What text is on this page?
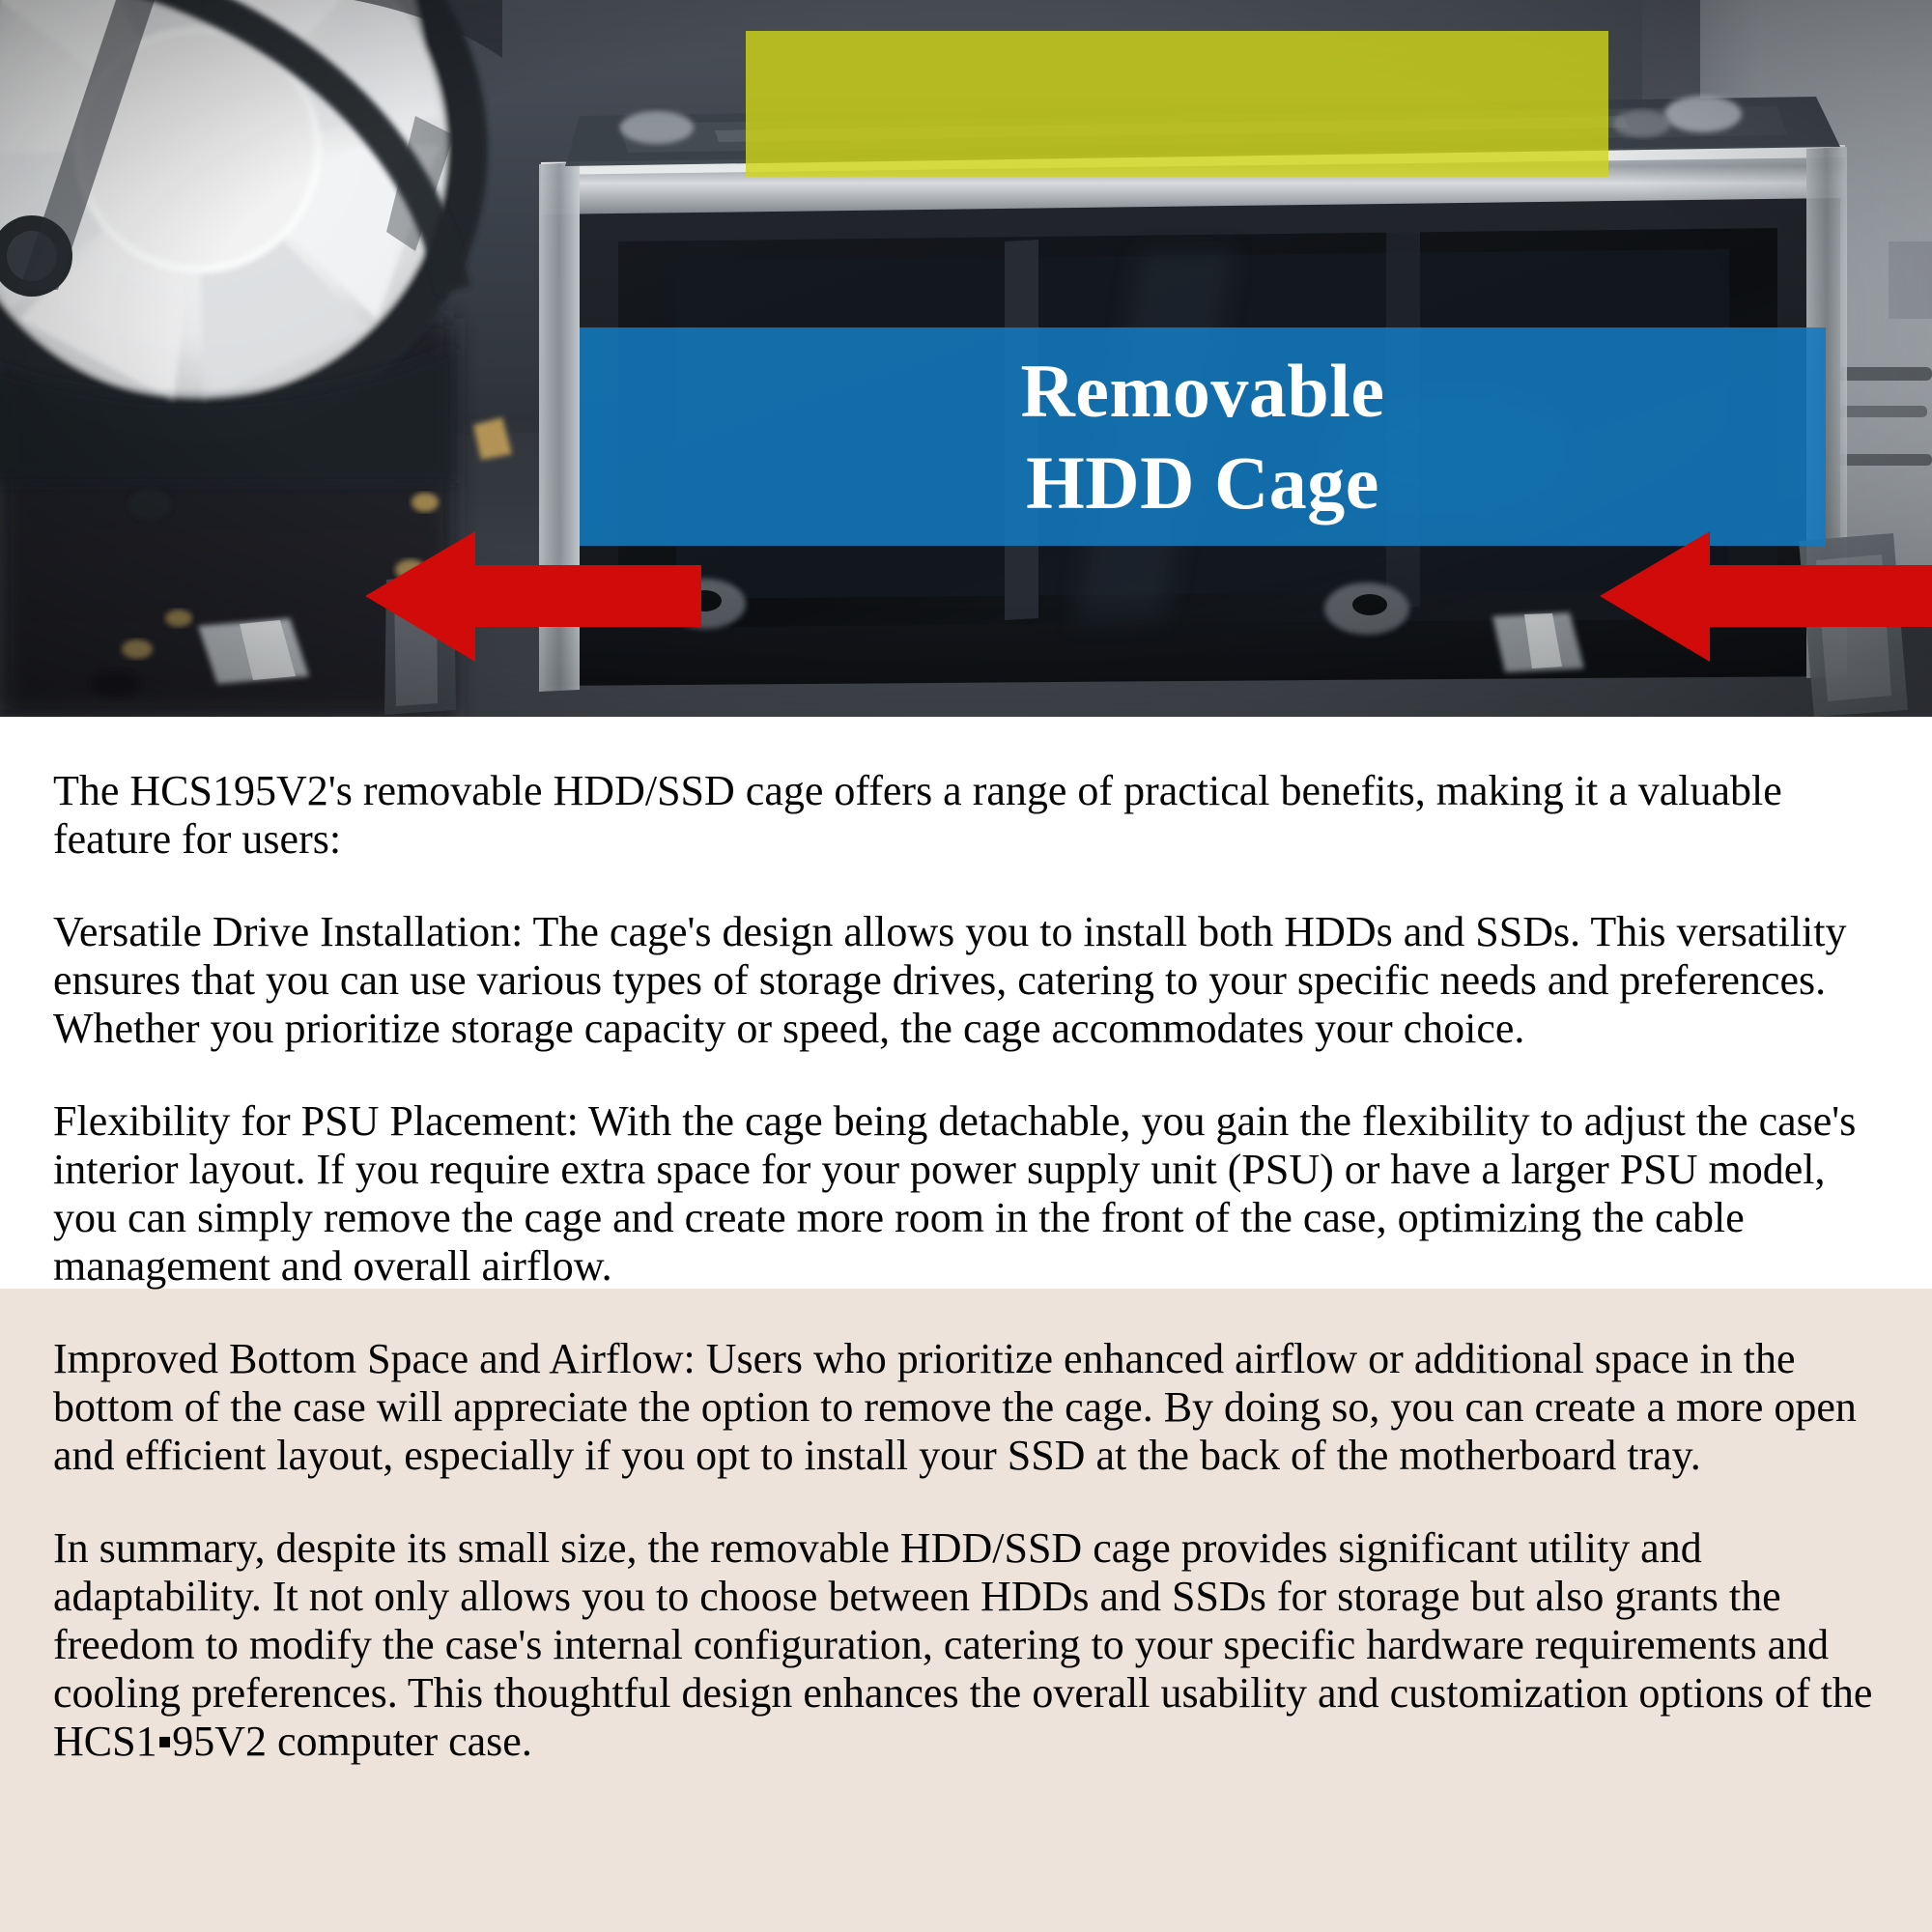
Removable
HDD Cage

The HCS195V2's removable HDD/SSD cage offers a range of practical benefits, making it a valuable feature for users:

Versatile Drive Installation: The cage's design allows you to install both HDDs and SSDs. This versatility ensures that you can use various types of storage drives, catering to your specific needs and preferences. Whether you prioritize storage capacity or speed, the cage accommodates your choice.

Flexibility for PSU Placement: With the cage being detachable, you gain the flexibility to adjust the case's interior layout. If you require extra space for your power supply unit (PSU) or have a larger PSU model, you can simply remove the cage and create more room in the front of the case, optimizing the cable management and overall airflow.

Improved Bottom Space and Airflow: Users who prioritize enhanced airflow or additional space in the bottom of the case will appreciate the option to remove the cage. By doing so, you can create a more open and efficient layout, especially if you opt to install your SSD at the back of the motherboard tray.

In summary, despite its small size, the removable HDD/SSD cage provides significant utility and adaptability. It not only allows you to choose between HDDs and SSDs for storage but also grants the freedom to modify the case's internal configuration, catering to your specific hardware requirements and cooling preferences. This thoughtful design enhances the overall usability and customization options of the HCS1▪95V2 computer case.
